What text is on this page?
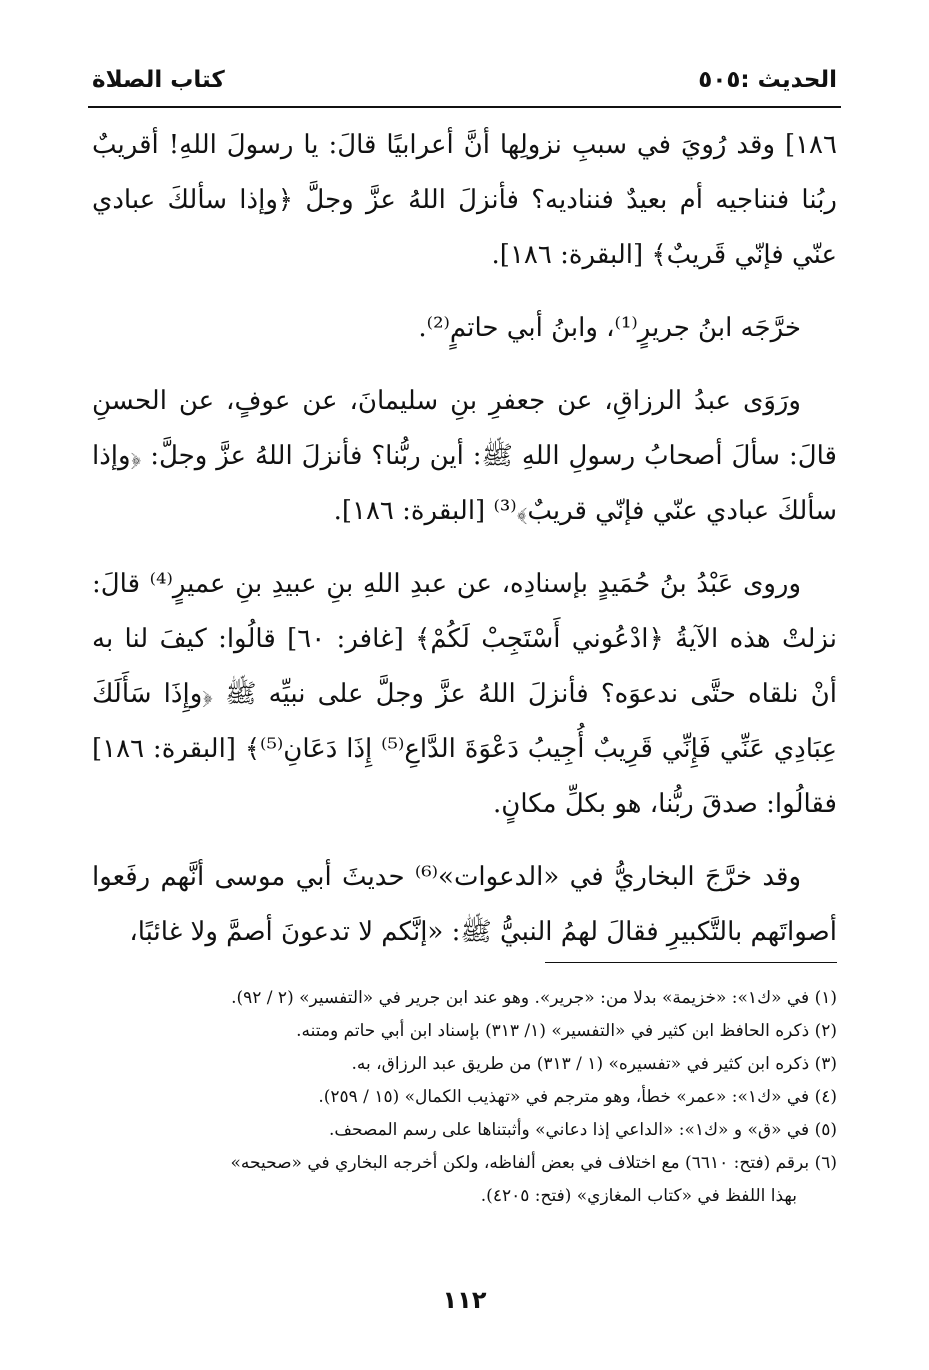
الحديث :٥٠٥
كتاب الصلاة

١٨٦] وقد رُويَ في سببِ نزولِها أنَّ أعرابيًا قالَ: يا رسولَ اللهِ! أقريبٌ ربُنا فنناجيه أم بعيدٌ فنناديه؟ فأنزلَ اللهُ عزَّ وجلَّ ﴿وإذا سألكَ عبادي عنّي فإنّي قَريبٌ﴾ [البقرة: ١٨٦].

خرَّجَه ابنُ جريرٍ⁽¹⁾، وابنُ أبي حاتمٍ⁽²⁾.

ورَوَى عبدُ الرزاقِ، عن جعفرِ بنِ سليمانَ، عن عوفٍ، عن الحسنِ قالَ: سألَ أصحابُ رسولِ اللهِ ﷺ: أين ربُّنا؟ فأنزلَ اللهُ عزَّ وجلَّ: ﴿وإذا سألكَ عبادي عنّي فإنّي قريبٌ﴾⁽³⁾ [البقرة: ١٨٦].

وروى عَبْدُ بنُ حُمَيدٍ بإسنادِه، عن عبدِ اللهِ بنِ عبيدِ بنِ عميرٍ⁽⁴⁾ قالَ: نزلتْ هذه الآيةُ ﴿ادْعُوني أَسْتَجِبْ لَكُمْ﴾ [غافر: ٦٠] قالُوا: كيفَ لنا به أنْ نلقاه حتَّى ندعوَه؟ فأنزلَ اللهُ عزَّ وجلَّ على نبيِّه ﷺ ﴿وإِذَا سَأَلَكَ عِبَادِي عَنِّي فَإِنِّي قَرِيبٌ أُجِيبُ دَعْوَةَ الدَّاعِ⁽⁵⁾ إِذَا دَعَانِ⁽⁵⁾﴾ [البقرة: ١٨٦] فقالُوا: صدقَ ربُّنا، هو بكلِّ مكانٍ.

وقد خرَّجَ البخاريُّ في «الدعوات»⁽⁶⁾ حديثَ أبي موسى أنَّهم رفَعوا أصواتَهم بالتَّكبيرِ فقالَ لهمُ النبيُّ ﷺ: «إنَّكم لا تدعونَ أصمَّ ولا غائبًا،

(١) في «ك١»: «خزيمة» بدلا من: «جرير». وهو عند ابن جرير في «التفسير» (٢ / ٩٢).
(٢) ذكره الحافظ ابن كثير في «التفسير» (١/ ٣١٣) بإسناد ابن أبي حاتم ومتنه.
(٣) ذكره ابن كثير في «تفسيره» (١ / ٣١٣) من طريق عبد الرزاق، به.
(٤) في «ك١»: «عمر» خطأ، وهو مترجم في «تهذيب الكمال» (١٥ / ٢٥٩).
(٥) في «ق» و «ك١»: «الداعي إذا دعاني» وأثبتناها على رسم المصحف.
(٦) برقم (فتح: ٦٦١٠) مع اختلاف في بعض ألفاظه، ولكن أخرجه البخاري في «صحيحه»
بهذا اللفظ في «كتاب المغازي» (فتح: ٤٢٠٥).
١١٢
